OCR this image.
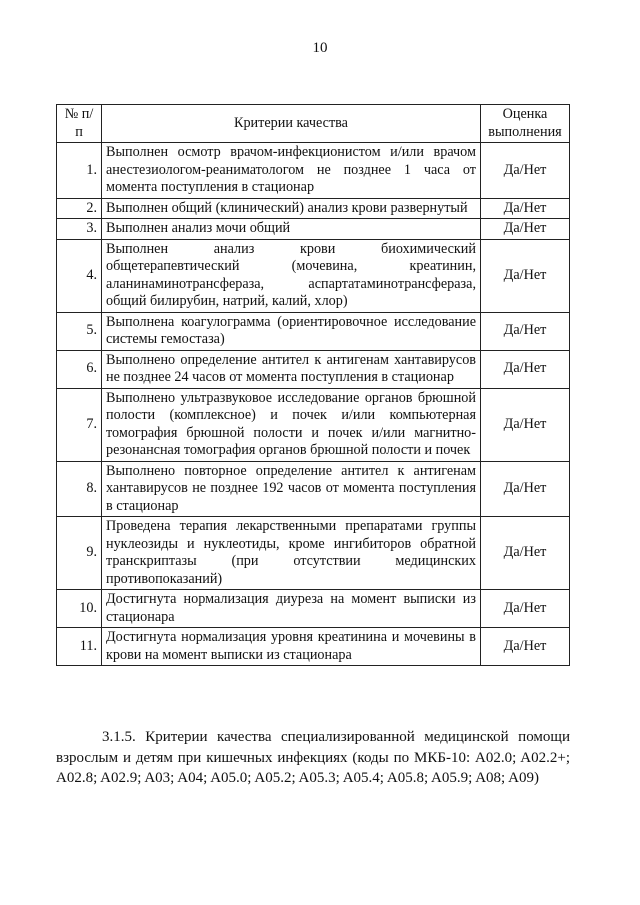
10
№ п/п	Критерии качества	Оценка выполнения
1.	Выполнен осмотр врачом-инфекционистом и/или врачом анестезиологом-реаниматологом не позднее 1 часа от момента поступления в стационар	Да/Нет
2.	Выполнен общий (клинический) анализ крови развернутый	Да/Нет
3.	Выполнен анализ мочи общий	Да/Нет
4.	Выполнен анализ крови биохимический общетерапевтический (мочевина, креатинин, аланинаминотрансфераза, аспартатаминотрансфераза, общий билирубин, натрий, калий, хлор)	Да/Нет
5.	Выполнена коагулограмма (ориентировочное исследование системы гемостаза)	Да/Нет
6.	Выполнено определение антител к антигенам хантавирусов не позднее 24 часов от момента поступления в стационар	Да/Нет
7.	Выполнено ультразвуковое исследование органов брюшной полости (комплексное) и почек и/или компьютерная томография брюшной полости и почек и/или магнитно-резонансная томография органов брюшной полости и почек	Да/Нет
8.	Выполнено повторное определение антител к антигенам хантавирусов не позднее 192 часов от момента поступления в стационар	Да/Нет
9.	Проведена терапия лекарственными препаратами группы нуклеозиды и нуклеотиды, кроме ингибиторов обратной транскриптазы (при отсутствии медицинских противопоказаний)	Да/Нет
10.	Достигнута нормализация диуреза на момент выписки из стационара	Да/Нет
11.	Достигнута нормализация уровня креатинина и мочевины в крови на момент выписки из стационара	Да/Нет

3.1.5. Критерии качества специализированной медицинской помощи взрослым и детям при кишечных инфекциях (коды по МКБ-10: A02.0; A02.2+; A02.8; A02.9; A03; A04; A05.0; A05.2; A05.3; A05.4; A05.8; A05.9; A08; A09)
